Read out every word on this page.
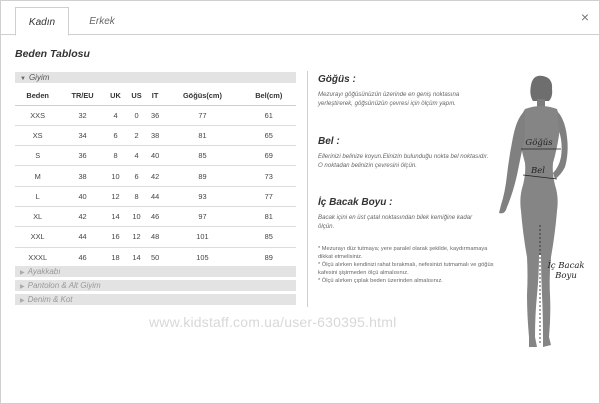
Kadın	Erkek	×
Beden Tablosu
▼ Giyim
Beden	TR/EU	UK	US	IT	Göğüs(cm)	Bel(cm)
XXS	32	4	0	36	77	61
XS	34	6	2	38	81	65
S	36	8	4	40	85	69
M	38	10	6	42	89	73
L	40	12	8	44	93	77
XL	42	14	10	46	97	81
XXL	44	16	12	48	101	85
XXXL	46	18	14	50	105	89
▶ Ayakkabı
▶ Pantolon & Alt Giyim
▶ Denim & Kot
Göğüs :

Mezurayı göğüsünüzün üzerinde en geniş noktasına yerleştirerek, göğsünüzün çevresi için ölçüm yapın.

Bel :

Ellerinizi belinize koyun.Elinizin bulunduğu nokta bel noktasıdır. O noktadan belinizin çevresini ölçün.

İç Bacak Boyu :

Bacak içini en üst çatal noktasından bilek kemiğine kadar ölçün.

* Mezurayı düz tutmaya; yere paralel olarak şekilde, kaydırmamaya dikkat etmelisiniz.
* Ölçü alırken kendinizi rahat bırakmalı, nefesinizi tutmamalı ve göğüs kafesini şişirmeden ölçü almalısınız.
* Ölçü alırken çıplak beden üzerinden almalısınız.
Göğüs
Bel
İç Bacak
Boyu
www.kidstaff.com.ua/user-630395.html
